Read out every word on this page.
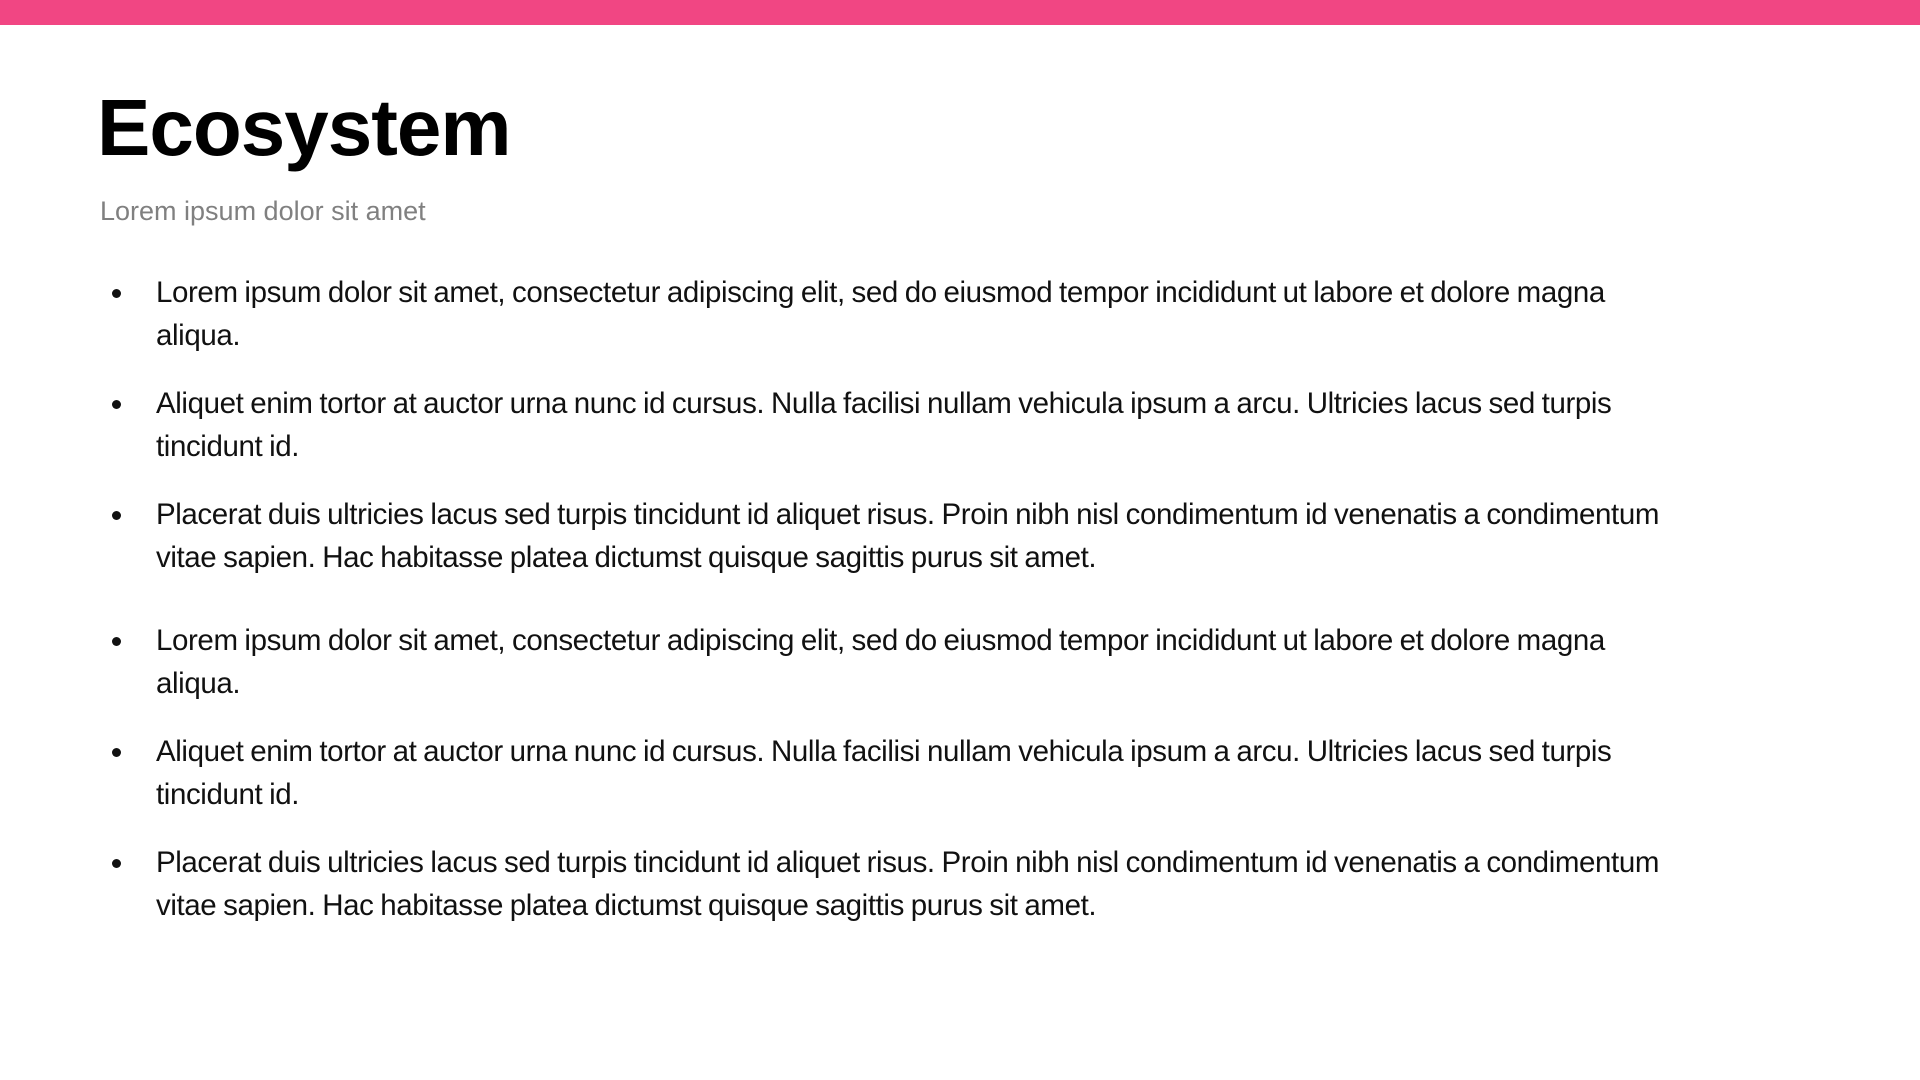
Ecosystem

Lorem ipsum dolor sit amet

Lorem ipsum dolor sit amet, consectetur adipiscing elit, sed do eiusmod tempor incididunt ut labore et dolore magna aliqua.
Aliquet enim tortor at auctor urna nunc id cursus. Nulla facilisi nullam vehicula ipsum a arcu. Ultricies lacus sed turpis tincidunt id.
Placerat duis ultricies lacus sed turpis tincidunt id aliquet risus. Proin nibh nisl condimentum id venenatis a condimentum vitae sapien. Hac habitasse platea dictumst quisque sagittis purus sit amet.
Lorem ipsum dolor sit amet, consectetur adipiscing elit, sed do eiusmod tempor incididunt ut labore et dolore magna aliqua.
Aliquet enim tortor at auctor urna nunc id cursus. Nulla facilisi nullam vehicula ipsum a arcu. Ultricies lacus sed turpis tincidunt id.
Placerat duis ultricies lacus sed turpis tincidunt id aliquet risus. Proin nibh nisl condimentum id venenatis a condimentum vitae sapien. Hac habitasse platea dictumst quisque sagittis purus sit amet.
